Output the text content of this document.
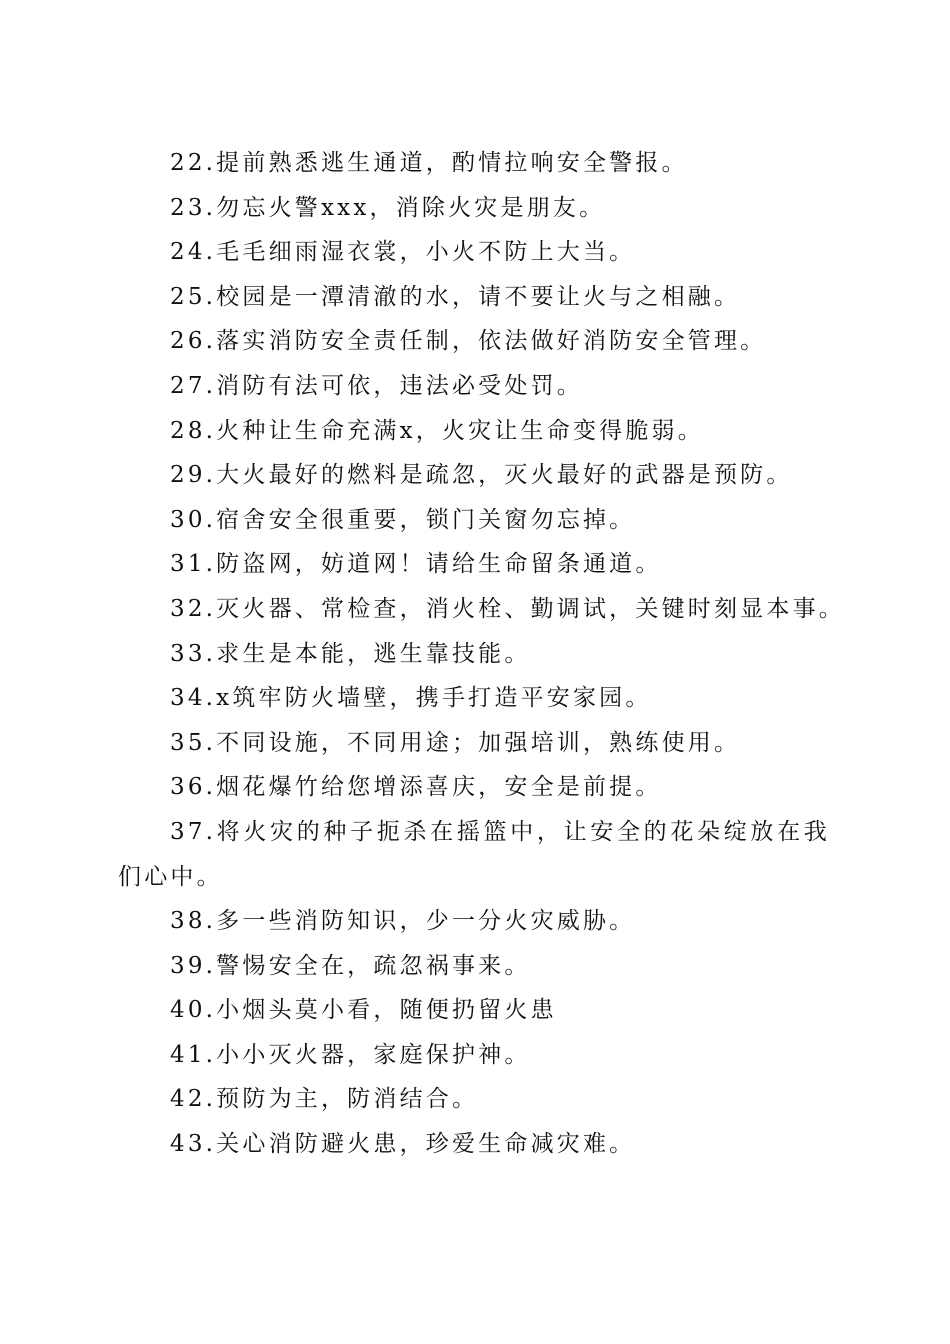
22.提前熟悉逃生通道，酌情拉响安全警报。
23.勿忘火警xxx，消除火灾是朋友。
24.毛毛细雨湿衣裳，小火不防上大当。
25.校园是一潭清澈的水，请不要让火与之相融。
26.落实消防安全责任制，依法做好消防安全管理。
27.消防有法可依，违法必受处罚。
28.火种让生命充满x，火灾让生命变得脆弱。
29.大火最好的燃料是疏忽，灭火最好的武器是预防。
30.宿舍安全很重要，锁门关窗勿忘掉。
31.防盗网，妨道网！请给生命留条通道。
32.灭火器、常检查，消火栓、勤调试，关键时刻显本事。
33.求生是本能，逃生靠技能。
34.x筑牢防火墙壁，携手打造平安家园。
35.不同设施，不同用途；加强培训，熟练使用。
36.烟花爆竹给您增添喜庆，安全是前提。
37.将火灾的种子扼杀在摇篮中，让安全的花朵绽放在我们心中。
38.多一些消防知识，少一分火灾威胁。
39.警惕安全在，疏忽祸事来。
40.小烟头莫小看，随便扔留火患
41.小小灭火器，家庭保护神。
42.预防为主，防消结合。
43.关心消防避火患，珍爱生命减灾难。
